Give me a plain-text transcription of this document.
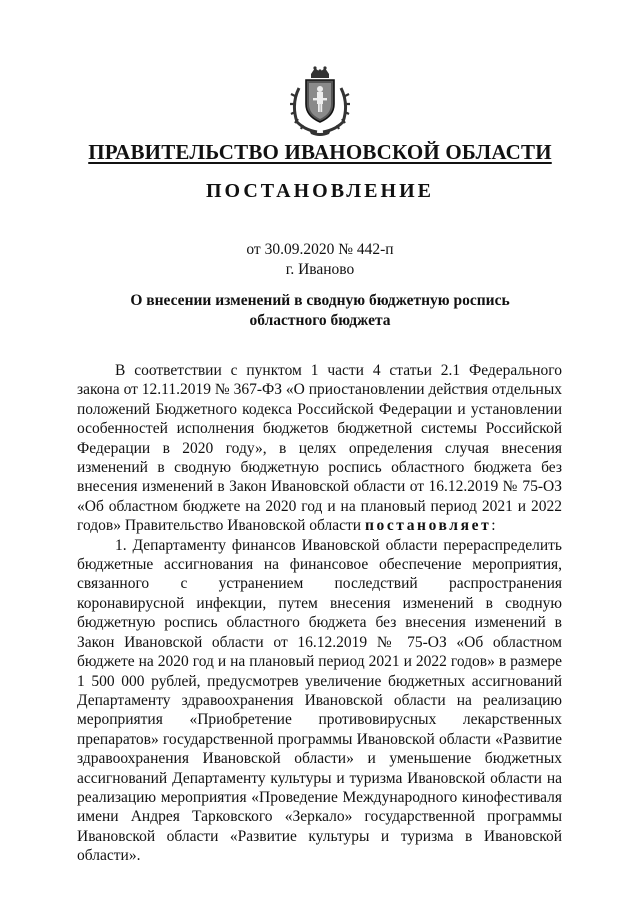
ПРАВИТЕЛЬСТВО ИВАНОВСКОЙ ОБЛАСТИ
ПОСТАНОВЛЕНИЕ
от 30.09.2020 № 442-п
г. Иваново
О внесении изменений в сводную бюджетную роспись
областного бюджета

В соответствии с пунктом 1 части 4 статьи 2.1 Федерального закона от 12.11.2019 № 367-ФЗ «О приостановлении действия отдельных положений Бюджетного кодекса Российской Федерации и установлении особенностей исполнения бюджетов бюджетной системы Российской Федерации в 2020 году», в целях определения случая внесения изменений в сводную бюджетную роспись областного бюджета без внесения изменений в Закон Ивановской области от 16.12.2019 № 75-ОЗ «Об областном бюджете на 2020 год и на плановый период 2021 и 2022 годов» Правительство Ивановской области постановляет:

1. Департаменту финансов Ивановской области перераспределить бюджетные ассигнования на финансовое обеспечение мероприятия, связанного с устранением последствий распространения коронавирусной инфекции, путем внесения изменений в сводную бюджетную роспись областного бюджета без внесения изменений в Закон Ивановской области от 16.12.2019 № 75-ОЗ «Об областном бюджете на 2020 год и на плановый период 2021 и 2022 годов» в размере 1 500 000 рублей, предусмотрев увеличение бюджетных ассигнований Департаменту здравоохранения Ивановской области на реализацию мероприятия «Приобретение противовирусных лекарственных препаратов» государственной программы Ивановской области «Развитие здравоохранения Ивановской области» и уменьшение бюджетных ассигнований Департаменту культуры и туризма Ивановской области на реализацию мероприятия «Проведение Международного кинофестиваля имени Андрея Тарковского «Зеркало» государственной программы Ивановской области «Развитие культуры и туризма в Ивановской области».
